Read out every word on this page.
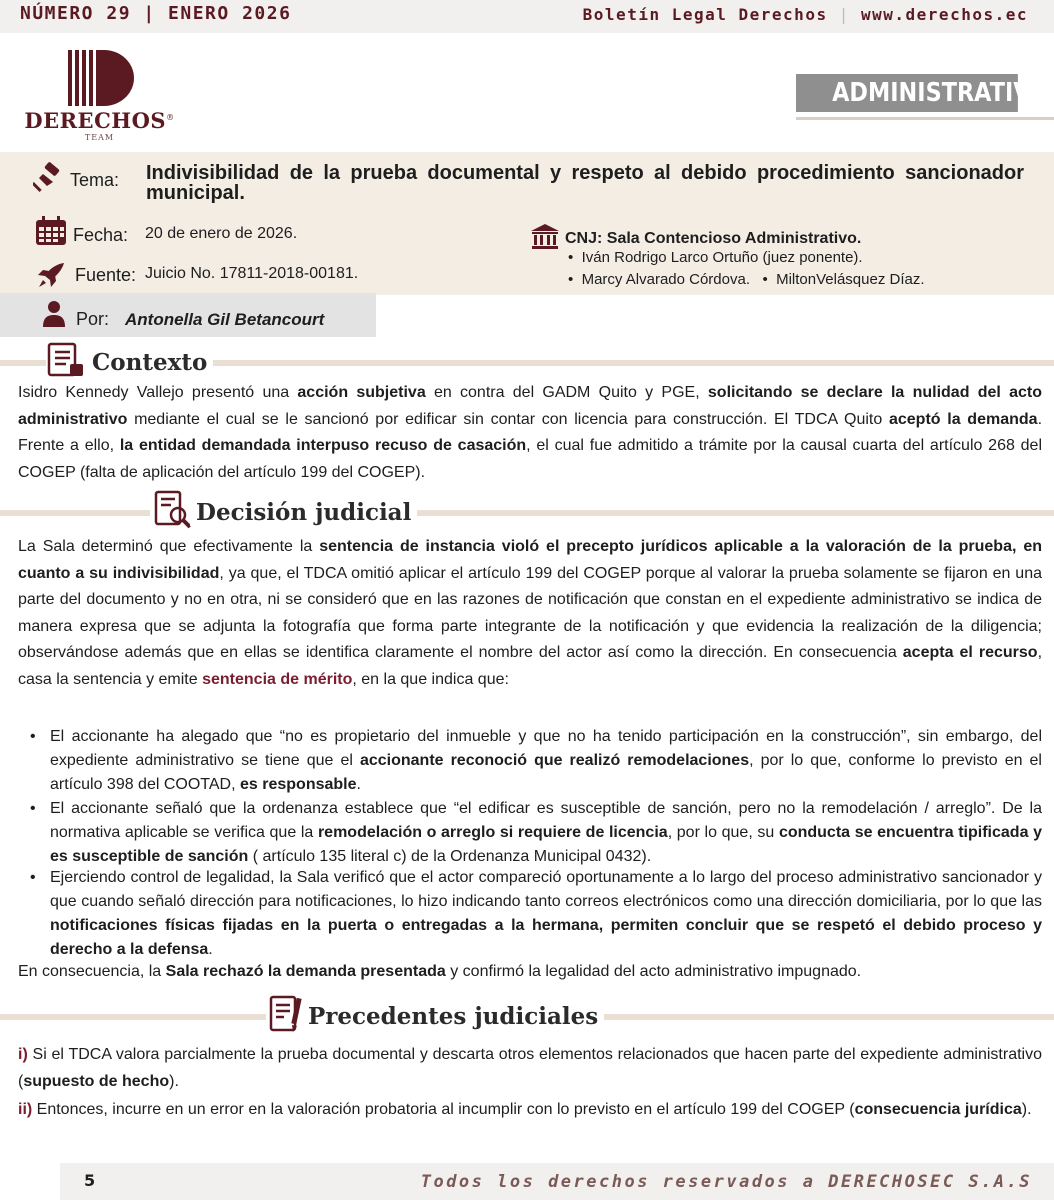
NÚMERO 29 | ENERO 2026	Boletín Legal Derechos | www.derechos.ec
DERECHOS®
TEAM
ADMINISTRATIVO
Tema: Indivisibilidad de la prueba documental y respeto al debido procedimiento sancionador municipal.
Fecha: 20 de enero de 2026.
Fuente: Juicio No. 17811-2018-00181.
CNJ: Sala Contencioso Administrativo.
•  Iván Rodrigo Larco Ortuño (juez ponente).
•  Marcy Alvarado Córdova.   •  MiltonVelásquez Díaz.
Por: Antonella Gil Betancourt
Contexto
Isidro Kennedy Vallejo presentó una acción subjetiva en contra del GADM Quito y PGE, solicitando se declare la nulidad del acto administrativo mediante el cual se le sancionó por edificar sin contar con licencia para construcción. El TDCA Quito aceptó la demanda. Frente a ello, la entidad demandada interpuso recuso de casación, el cual fue admitido a trámite por la causal cuarta del artículo 268 del COGEP (falta de aplicación del artículo 199 del COGEP).
Decisión judicial
La Sala determinó que efectivamente la sentencia de instancia violó el precepto jurídicos aplicable a la valoración de la prueba, en cuanto a su indivisibilidad, ya que, el TDCA omitió aplicar el artículo 199 del COGEP porque al valorar la prueba solamente se fijaron en una parte del documento y no en otra, ni se consideró que en las razones de notificación que constan en el expediente administrativo se indica de manera expresa que se adjunta la fotografía que forma parte integrante de la notificación y que evidencia la realización de la diligencia; observándose además que en ellas se identifica claramente el nombre del actor así como la dirección. En consecuencia acepta el recurso, casa la sentencia y emite sentencia de mérito, en la que indica que:
• El accionante ha alegado que “no es propietario del inmueble y que no ha tenido participación en la construcción”, sin embargo, del expediente administrativo se tiene que el accionante reconoció que realizó remodelaciones, por lo que, conforme lo previsto en el artículo 398 del COOTAD, es responsable.
• El accionante señaló que la ordenanza establece que “el edificar es susceptible de sanción, pero no la remodelación / arreglo”. De la normativa aplicable se verifica que la remodelación o arreglo si requiere de licencia, por lo que, su conducta se encuentra tipificada y es susceptible de sanción ( artículo 135 literal c) de la Ordenanza Municipal 0432).
• Ejerciendo control de legalidad, la Sala verificó que el actor compareció oportunamente a lo largo del proceso administrativo sancionador y que cuando señaló dirección para notificaciones, lo hizo indicando tanto correos electrónicos como una dirección domiciliaria, por lo que las notificaciones físicas fijadas en la puerta o entregadas a la hermana, permiten concluir que se respetó el debido proceso y derecho a la defensa.
En consecuencia, la Sala rechazó la demanda presentada y confirmó la legalidad del acto administrativo impugnado.
Precedentes judiciales
i) Si el TDCA valora parcialmente la prueba documental y descarta otros elementos relacionados que hacen parte del expediente administrativo (supuesto de hecho).
ii) Entonces, incurre en un error en la valoración probatoria al incumplir con lo previsto en el artículo 199 del COGEP (consecuencia jurídica).
5	Todos los derechos reservados a DERECHOSEC S.A.S
